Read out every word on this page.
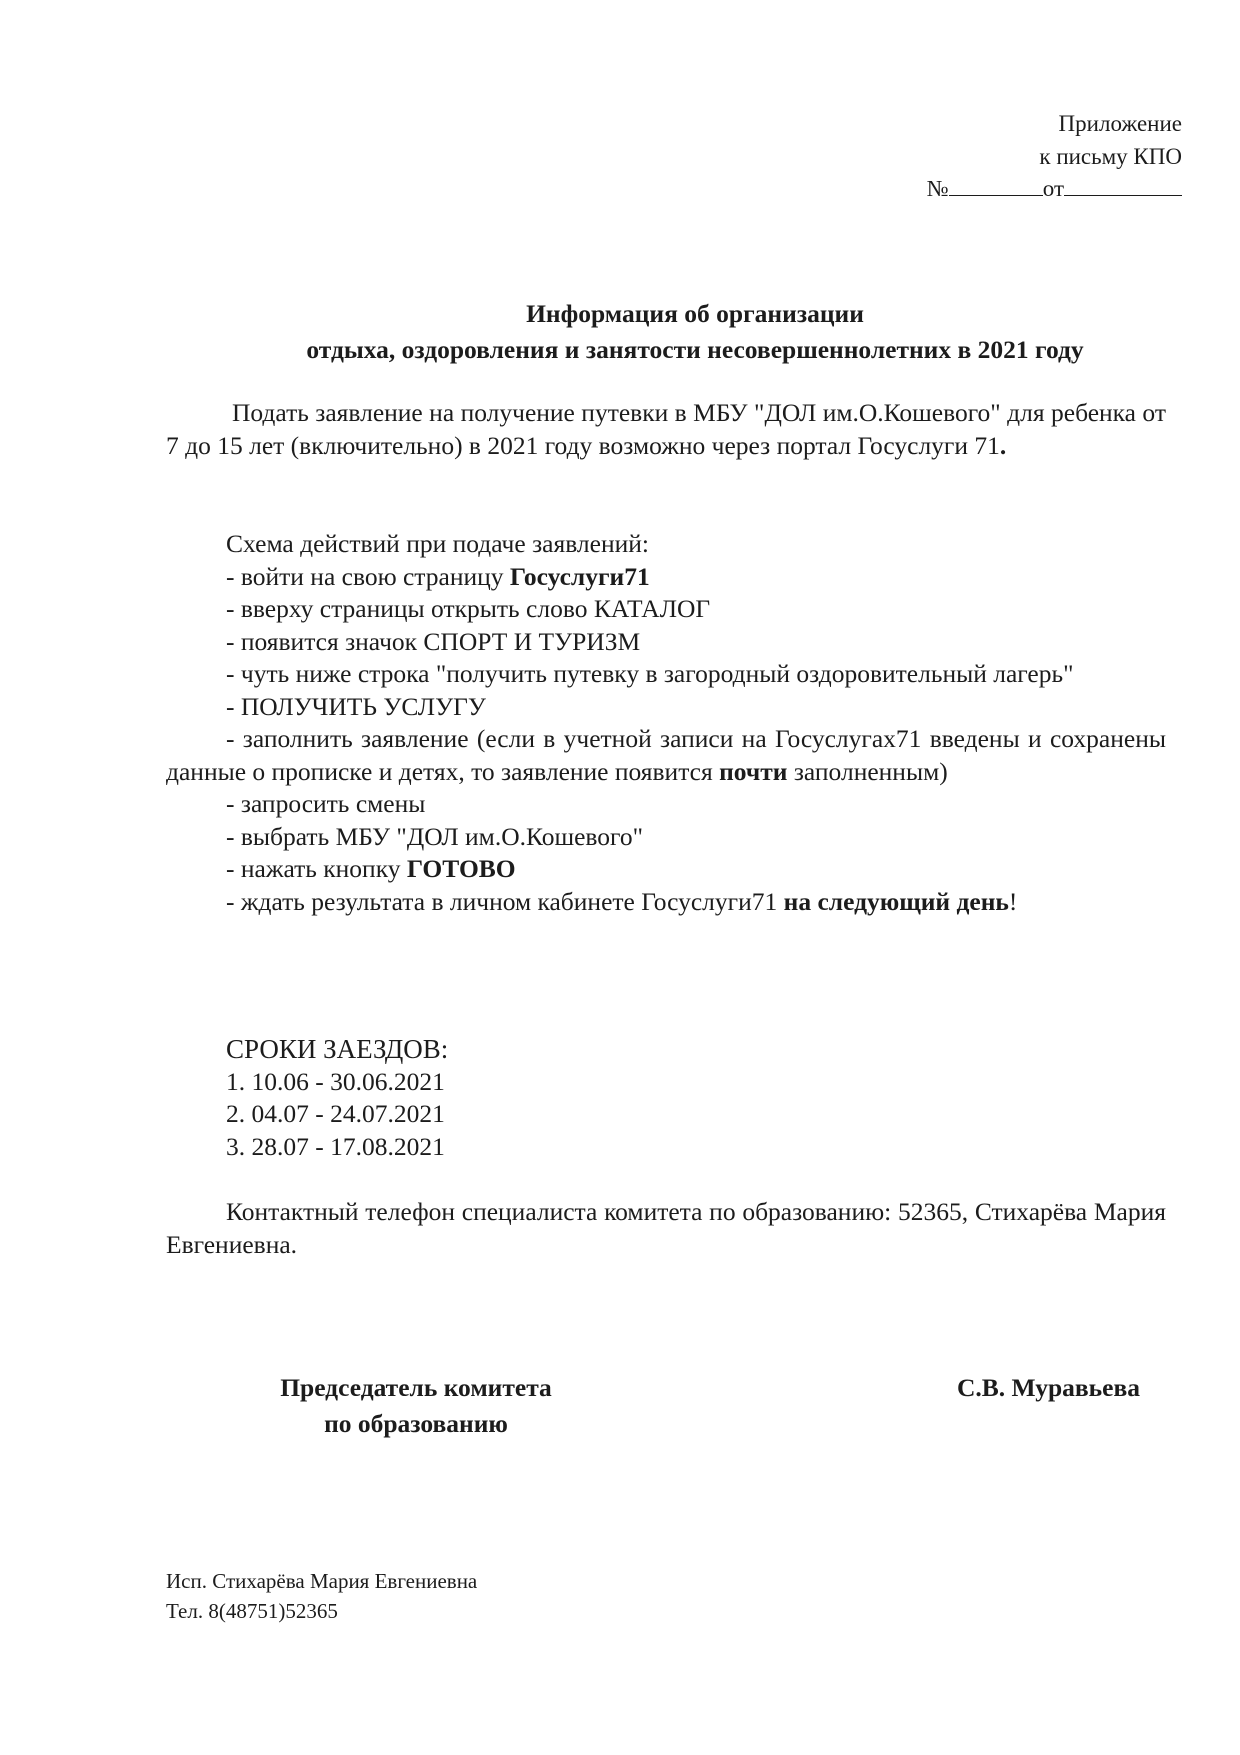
Приложение
к письму КПО
№	от
Информация об организации
отдыха, оздоровления и занятости несовершеннолетних в 2021 году
Подать заявление на получение путевки в МБУ "ДОЛ им.О.Кошевого" для ребенка от 7 до 15 лет (включительно) в 2021 году возможно через портал Госуслуги 71.
Схема действий при подаче заявлений:
- войти на свою страницу Госуслуги71
- вверху страницы открыть слово КАТАЛОГ
- появится значок СПОРТ И ТУРИЗМ
- чуть ниже строка "получить путевку в загородный оздоровительный лагерь"
- ПОЛУЧИТЬ УСЛУГУ
- заполнить заявление (если в учетной записи на Госуслугах71 введены и сохранены данные о прописке и детях, то заявление появится почти заполненным)
- запросить смены
- выбрать МБУ "ДОЛ им.О.Кошевого"
- нажать кнопку ГОТОВО
- ждать результата в личном кабинете Госуслуги71 на следующий день!
СРОКИ ЗАЕЗДОВ:
1. 10.06 - 30.06.2021
2. 04.07 - 24.07.2021
3. 28.07 - 17.08.2021
Контактный телефон специалиста комитета по образованию: 52365, Стихарёва Мария Евгениевна.
Председатель комитета
по образованию
С.В. Муравьева
Исп. Стихарёва Мария Евгениевна
Тел. 8(48751)52365
